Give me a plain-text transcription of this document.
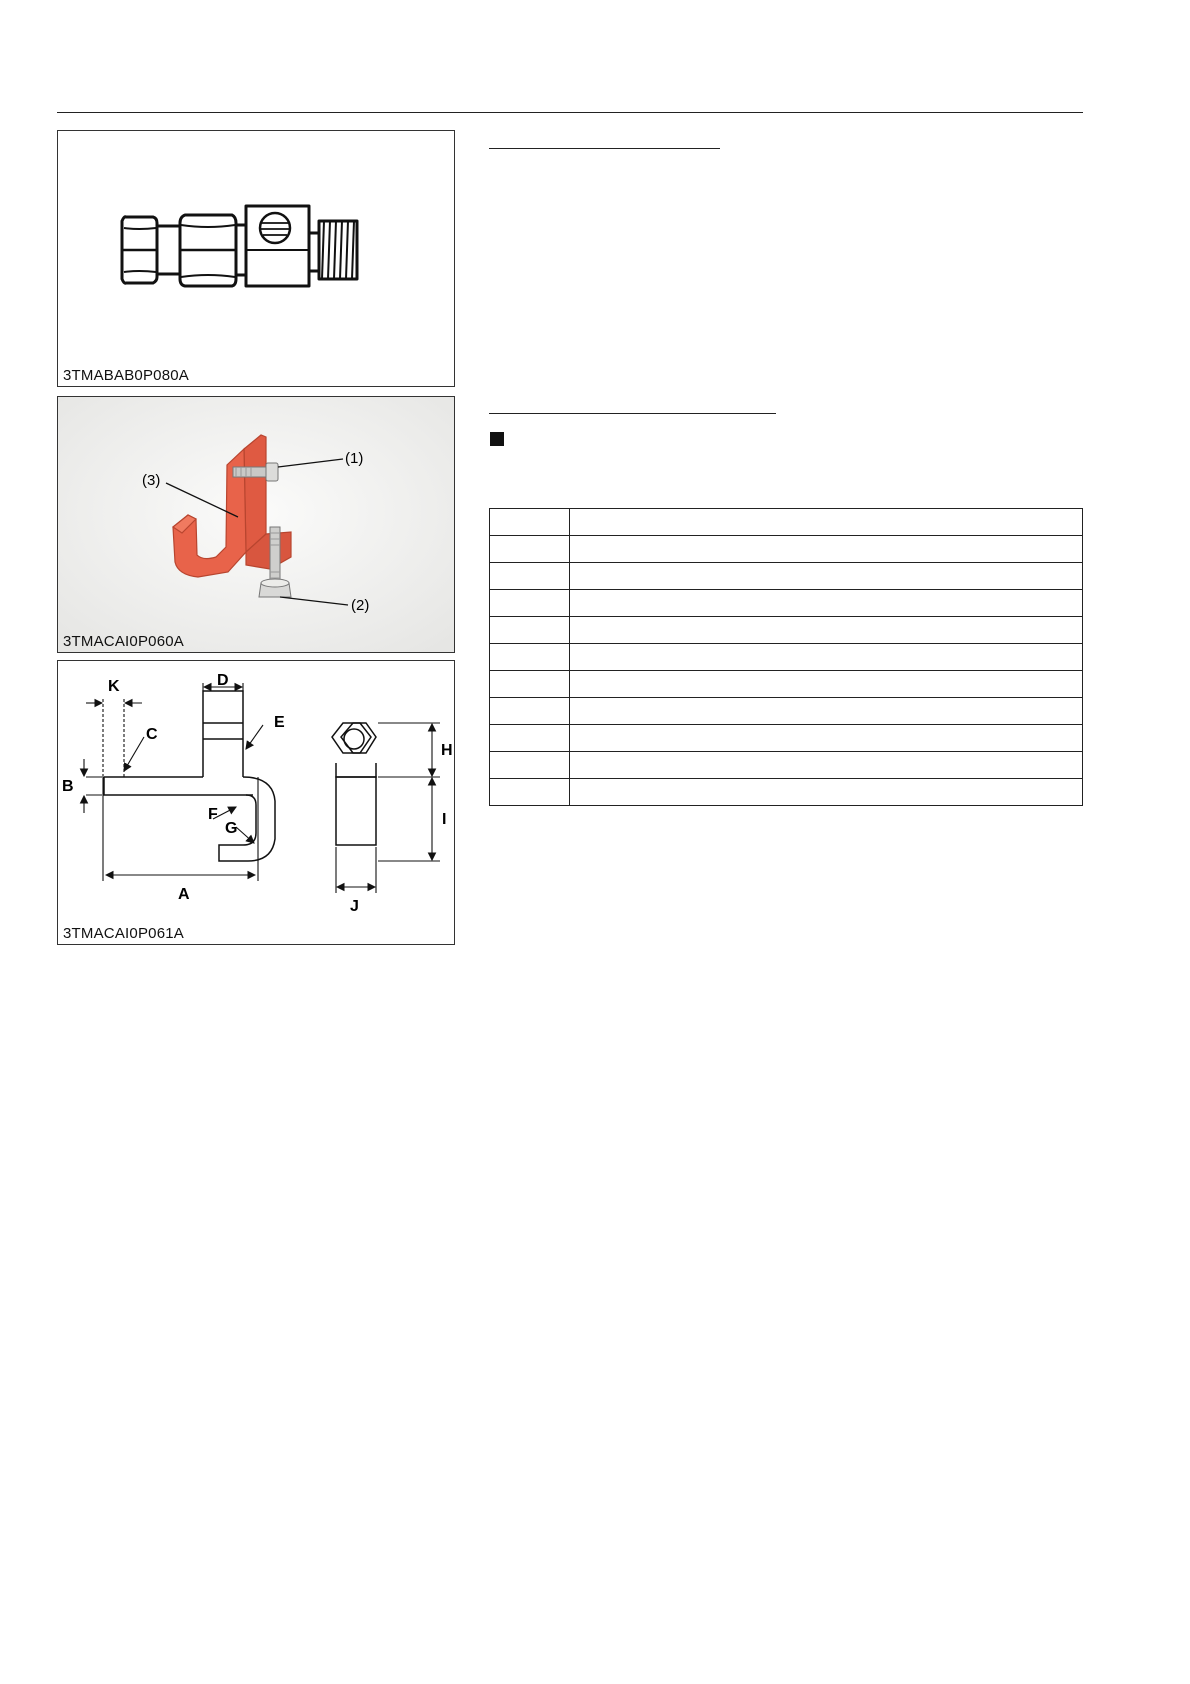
3TMABAB0P080A
(1)
(3)
(2)
3TMACAI0P060A
A
B
C
D
E
F
G
H
I
J
K
3TMACAI0P061A
